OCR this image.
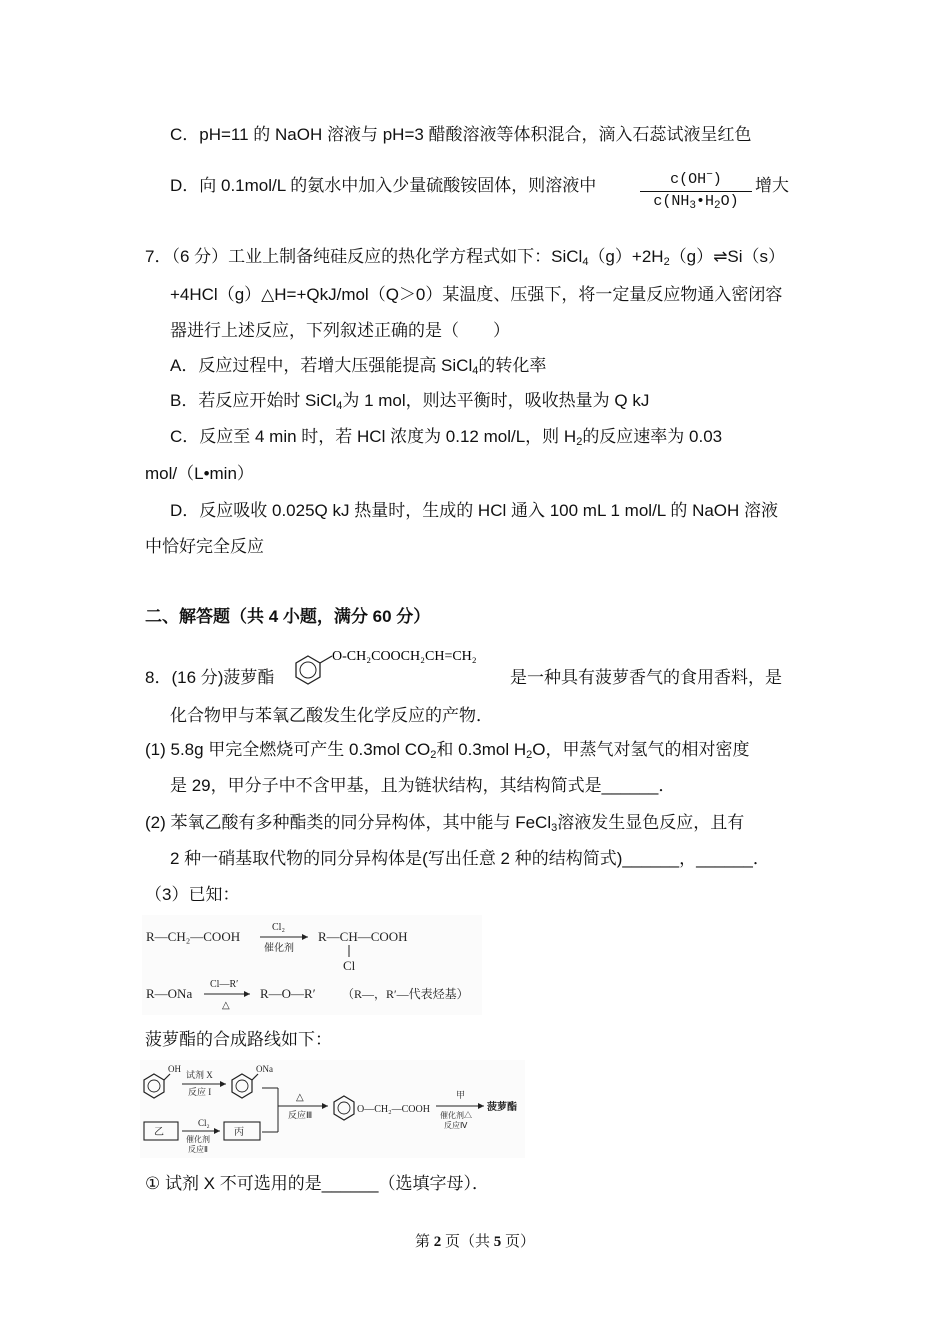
C．pH=11 的 NaOH 溶液与 pH=3 醋酸溶液等体积混合，滴入石蕊试液呈红色
D．向 0.1mol/L 的氨水中加入少量硫酸铵固体，则溶液中	$\frac{c(OH^-)}{c(NH_3•H_2O)}$ 增大
7．（6 分）工业上制备纯硅反应的热化学方程式如下：$SiCl_4(g)+2H_2(g)\rightleftharpoons Si(s)$
+4HCl（g）△H=+QkJ/mol（Q＞0）某温度、压强下，将一定量反应物通入密闭容
器进行上述反应，下列叙述正确的是（　　）
A．反应过程中，若增大压强能提高 SiCl$_4$的转化率
B．若反应开始时 SiCl$_4$为 1 mol，则达平衡时，吸收热量为 Q kJ
C．反应至 4 min 时，若 HCl 浓度为 0.12 mol/L，则 $H_2$的反应速率为 0.03
mol/（L•min）
D．反应吸收 0.025Q kJ 热量时，生成的 HCl 通入 100 mL 1 mol/L 的 NaOH 溶液
中恰好完全反应
二、解答题（共 4 小题，满分 60 分）
8．(16 分)菠萝酯
O-CH₂COOCH₂CH=CH₂
是一种具有菠萝香气的食用香料，是
化合物甲与苯氧乙酸发生化学反应的产物．
(1) 5.8g 甲完全燃烧可产生 0.3mol $CO_2$和 0.3mol $H_2O$，甲蒸气对氢气的相对密度
是 29，甲分子中不含甲基，且为链状结构，其结构简式是______．
(2) 苯氧乙酸有多种酯类的同分异构体，其中能与 FeCl$_3$溶液发生显色反应，且有
2 种一硝基取代物的同分异构体是(写出任意 2 种的结构简式)______，______．
（3）已知：
R—CH₂—COOH
Cl₂
催化剂
R—CH—COOH
Cl
R—ONa
Cl—R′
△
R—O—R′ （R—，R′—代表烃基）
菠萝酯的合成路线如下：
OH
试剂 X
反应 I
ONa
△
反应Ⅲ	O—CH₂—COOH
甲
催化剂△
反应Ⅳ
菠萝酯
乙
Cl₂
催化剂
反应Ⅱ
丙
① 试剂 X 不可选用的是______（选填字母）．
第 2 页（共 5 页）
